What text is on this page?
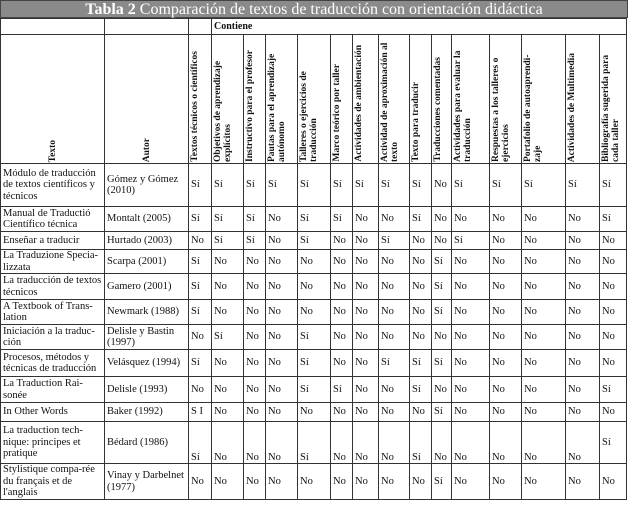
Tabla 2 Comparación de textos de traducción con orientación didáctica
			Contiene													

Texto	Autor	Textos técnicos o científicos	Objetivos de aprendizaje explícitos	Instructivo para el profesor	Pautas para el aprendizaje autónomo	Talleres o ejercicios de traducción	Marco teórico por taller	Actividades de ambientación	Actividad de aproximación al texto	Texto para traducir	Traducciones comentadas	Actividades para evaluar la traducción	Respuestas a los talleres o ejercicios	Portafolio de autoaprendi-zaje	Actividades de Multimedia	Bibliografía sugerida para cada taller

Módulo de traducción de textos científicos y técnicos	Gómez y Gómez (2010)	Sí	Sí	Sí	Sí	Sí	Sí	Sí	Sí	Sí	No	Sí	Sí	Sí	Sí	Sí
Manual de Traductió Científico técnica	Montalt (2005)	Sí	Sí	Sí	No	Sí	Sí	No	No	Sí	No	No	No	No	No	Sí
Enseñar a traducir	Hurtado (2003)	No	Sí	Sí	No	Sí	No	No	Sí	No	No	Sí	No	No	No	No
La Traduzione Specia-lizzata	Scarpa (2001)	Sí	No	No	No	No	No	No	No	No	Sí	No	No	No	No	No
La traducción de textos técnicos	Gamero (2001)	Sí	No	No	No	No	No	No	No	No	Sí	No	No	No	No	No
A Textbook of Trans-lation	Newmark (1988)	Sí	No	No	No	No	No	No	No	No	Sí	No	No	No	No	No
Iniciación a la traduc-ción	Delisle y Bastin (1997)	No	Sí	No	No	Sí	No	No	No	No	No	No	No	No	No	No
Procesos, métodos y técnicas de traducción	Velásquez (1994)	Sí	No	No	No	Sí	No	No	Sí	Sí	Sí	No	No	No	No	No
La Traduction Rai-sonée	Delisle (1993)	No	No	No	No	Sí	Sí	No	No	Sí	No	No	No	No	No	Sí
In Other Words	Baker (1992)	S I	No	No	No	No	No	No	No	No	Sí	No	No	No	No	No
La traduction tech-nique: principes et pratique	Bédard (1986)	Sí	No	No	No	Sí	No	No	No	Sí	No	No	No	No	No	Sí
Stylistique compa-rée du français et de l'anglais	Vinay y Darbelnet (1977)	No	No	No	No	No	No	No	No	No	Sí	No	No	No	No	No
